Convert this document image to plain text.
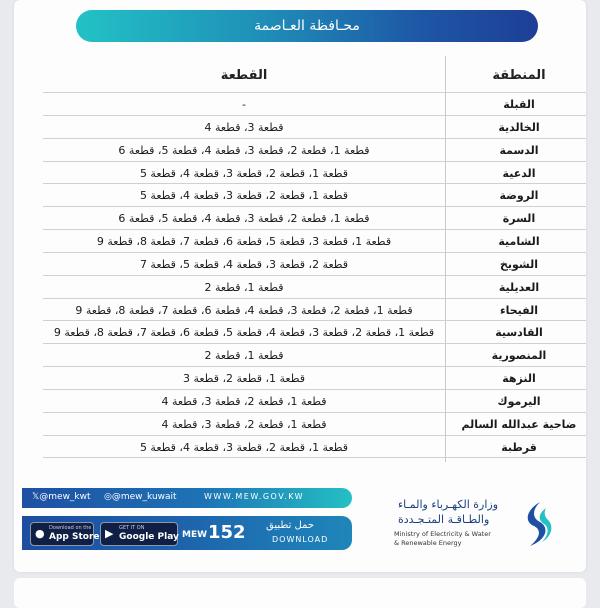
محـافظة العـاصمة
المنطقة
القطعة
القبلة
-
الخالدية
قطعة 3، قطعة 4
الدسمة
قطعة 1، قطعة 2، قطعة 3، قطعة 4، قطعة 5، قطعة 6
الدعية
قطعة 1، قطعة 2، قطعة 3، قطعة 4، قطعة 5
الروضة
قطعة 1، قطعة 2، قطعة 3، قطعة 4، قطعة 5
السرة
قطعة 1، قطعة 2، قطعة 3، قطعة 4، قطعة 5، قطعة 6
الشامية
قطعة 1، قطعة 3، قطعة 5، قطعة 6، قطعة 7، قطعة 8، قطعة 9
الشويخ
قطعة 2، قطعة 3، قطعة 4، قطعة 5، قطعة 7
العديلية
قطعة 1، قطعة 2
الفيحاء
قطعة 1، قطعة 2، قطعة 3، قطعة 4، قطعة 6، قطعة 7، قطعة 8، قطعة 9
القادسية
قطعة 1، قطعة 2، قطعة 3، قطعة 4، قطعة 5، قطعة 6، قطعة 7، قطعة 8، قطعة 9
المنصورية
قطعة 1، قطعة 2
النزهة
قطعة 1، قطعة 2، قطعة 3
اليرموك
قطعة 1، قطعة 2، قطعة 3، قطعة 4
ضاحية عبدالله السالم
قطعة 1، قطعة 2، قطعة 3، قطعة 4
قرطبة
قطعة 1، قطعة 2، قطعة 3، قطعة 4، قطعة 5
𝕏@mew_kwt ◎@mew_kuwait	WWW.MEW.GOV.KW
● Download on the
App Store ▶ GET IT ON
Google Play MEW 152 حمل تطبيق
DOWNLOAD
وزارة الكهـرباء والمـاء
والطـاقـة المتـجـددة
Ministry of Electricity & Water
& Renewable Energy
